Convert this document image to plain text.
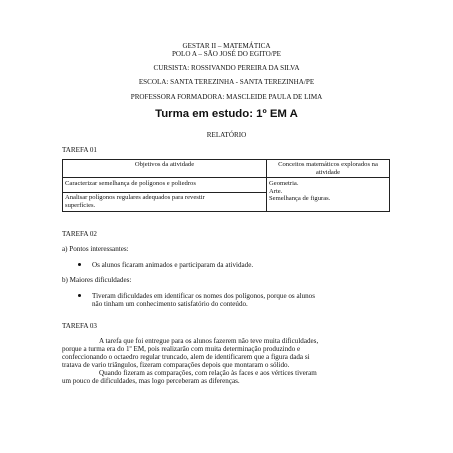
GESTAR II – MATEMÁTICA
POLO A – SÃO JOSÉ DO EGITO/PE
CURSISTA: ROSSIVANDO PEREIRA DA SILVA
ESCOLA: SANTA TEREZINHA - SANTA TEREZINHA/PE
PROFESSORA FORMADORA: MASCLEIDE PAULA DE LIMA
Turma em estudo: 1º EM A
RELATÓRIO
TAREFA 01
Objetivos da atividade	Conceitos matemáticos explorados na
atividade

Caracterizar semelhança de polígonos e poliedros	Geometria.
Arte.
Semelhança de figuras.

Analisar polígonos regulares adequados para revestir
superfícies.	
TAREFA 02
a) Pontos interessantes:
Os alunos ficaram animados e participaram da atividade.
b) Maiores dificuldades:
Tiveram dificuldades em identificar os nomes dos polígonos, porque os alunos
não tinham um conhecimento satisfatório do conteúdo.
TAREFA 03
A tarefa que foi entregue para os alunos fazerem não teve muita dificuldades,
porque a turma era do 1º EM, pois realizarão com muita determinação produzindo e
confeccionando o octaedro regular truncado, alem de identificarem que a figura dada si
tratava de vario triângulos, fizeram comparações depois que montaram o sólido.
Quando fizeram as comparações, com relação às faces e aos vértices tiveram
um pouco de dificuldades, mas logo perceberam as diferenças.
